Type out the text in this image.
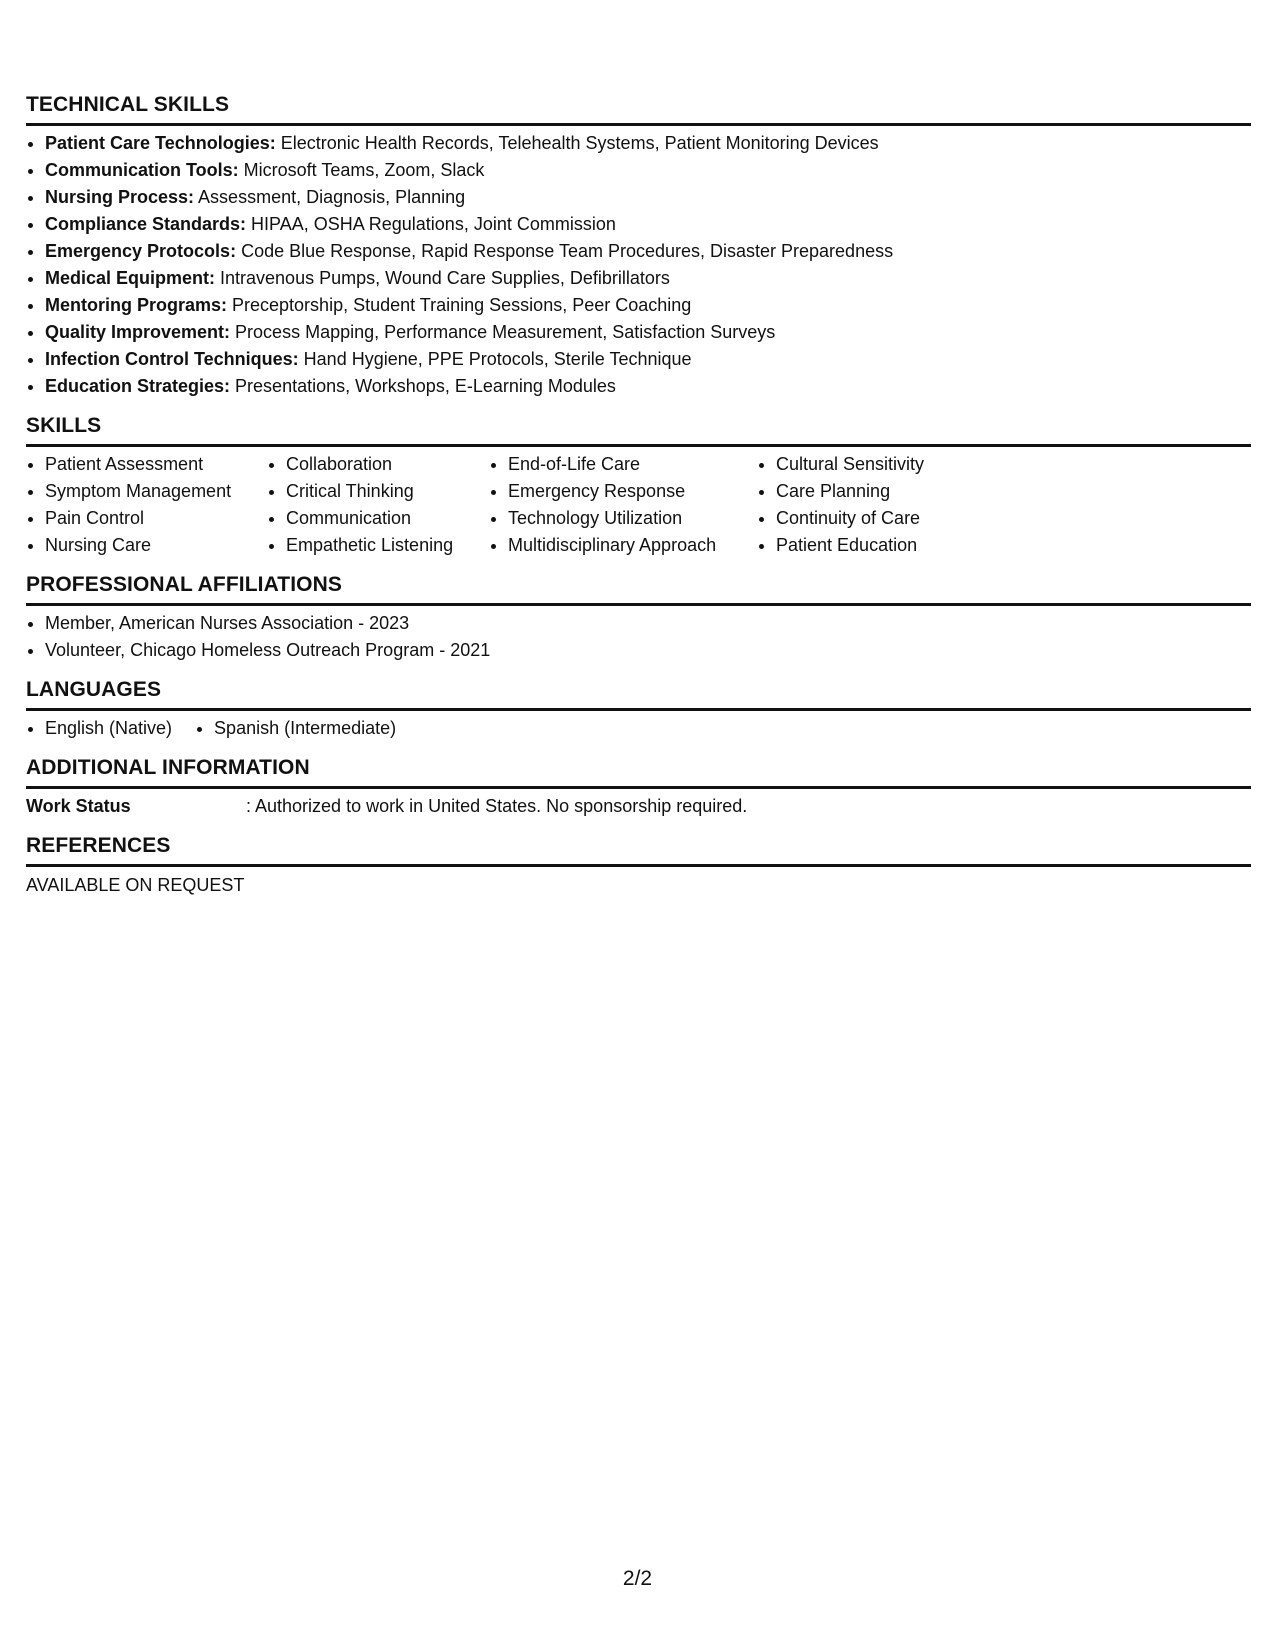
TECHNICAL SKILLS
• Patient Care Technologies: Electronic Health Records, Telehealth Systems, Patient Monitoring Devices
• Communication Tools: Microsoft Teams, Zoom, Slack
• Nursing Process: Assessment, Diagnosis, Planning
• Compliance Standards: HIPAA, OSHA Regulations, Joint Commission
• Emergency Protocols: Code Blue Response, Rapid Response Team Procedures, Disaster Preparedness
• Medical Equipment: Intravenous Pumps, Wound Care Supplies, Defibrillators
• Mentoring Programs: Preceptorship, Student Training Sessions, Peer Coaching
• Quality Improvement: Process Mapping, Performance Measurement, Satisfaction Surveys
• Infection Control Techniques: Hand Hygiene, PPE Protocols, Sterile Technique
• Education Strategies: Presentations, Workshops, E-Learning Modules
SKILLS
• Patient Assessment
• Symptom Management
• Pain Control
• Nursing Care
• Collaboration
• Critical Thinking
• Communication
• Empathetic Listening
• End-of-Life Care
• Emergency Response
• Technology Utilization
• Multidisciplinary Approach
• Cultural Sensitivity
• Care Planning
• Continuity of Care
• Patient Education
PROFESSIONAL AFFILIATIONS
• Member, American Nurses Association - 2023
• Volunteer, Chicago Homeless Outreach Program - 2021
LANGUAGES
• English (Native)
• Spanish (Intermediate)
ADDITIONAL INFORMATION
Work Status	: Authorized to work in United States. No sponsorship required.
REFERENCES
AVAILABLE ON REQUEST
2/2
